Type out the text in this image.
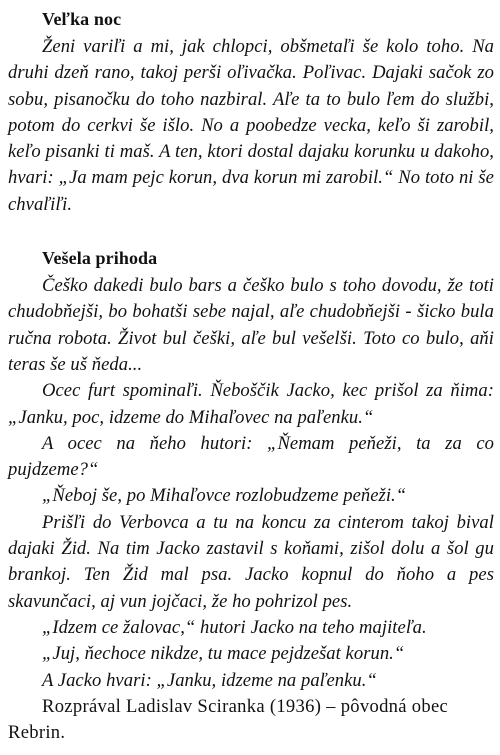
Veľka noc

Ženi variľi a mi, jak chlopci, obšmetaľi še kolo toho. Na druhi dzeň rano, takoj perši oľivačka. Poľivac. Dajaki sačok zo sobu, pisanočku do toho nazbiral. Aľe ta to bulo ľem do službi, potom do cerkvi še išlo. No a poobedze vecka, keľo ši zarobil, keľo pisanki ti maš. A ten, ktori dostal dajaku korunku u dakoho, hvari: „Ja mam pejc korun, dva korun mi zarobil.“ No toto ni še chvaľiľi.

Vešela prihoda

Češko dakedi bulo bars a češko bulo s toho dovodu, že toti chudobňejši, bo bohatši sebe najal, aľe chudobňejši - šicko bula ručna robota. Život bul češki, aľe bul vešelši. Toto co bulo, aňi teras še uš ňeda...

Ocec furt spominaľi. Ňeboščik Jacko, kec prišol za ňima: „Janku, poc, idzeme do Mihaľovec na paľenku.“

A ocec na ňeho hutori: „Ňemam peňeži, ta za co pujdzeme?“

„Ňeboj še, po Mihaľovce rozlobudzeme peňeži.“

Prišľi do Verbovca a tu na koncu za cinterom takoj bival dajaki Žid. Na tim Jacko zastavil s koňami, zišol dolu a šol gu brankoj. Ten Žid mal psa. Jacko kopnul do ňoho a pes skavunčaci, aj vun jojčaci, že ho pohrizol pes.

„Idzem ce žalovac,“ hutori Jacko na teho majiteľa.

„Juj, ňechoce nikdze, tu mace pejdzešat korun.“

A Jacko hvari: „Janku, idzeme na paľenku.“

Rozprával Ladislav Sciranka (1936) – pôvodná obec Rebrin.
